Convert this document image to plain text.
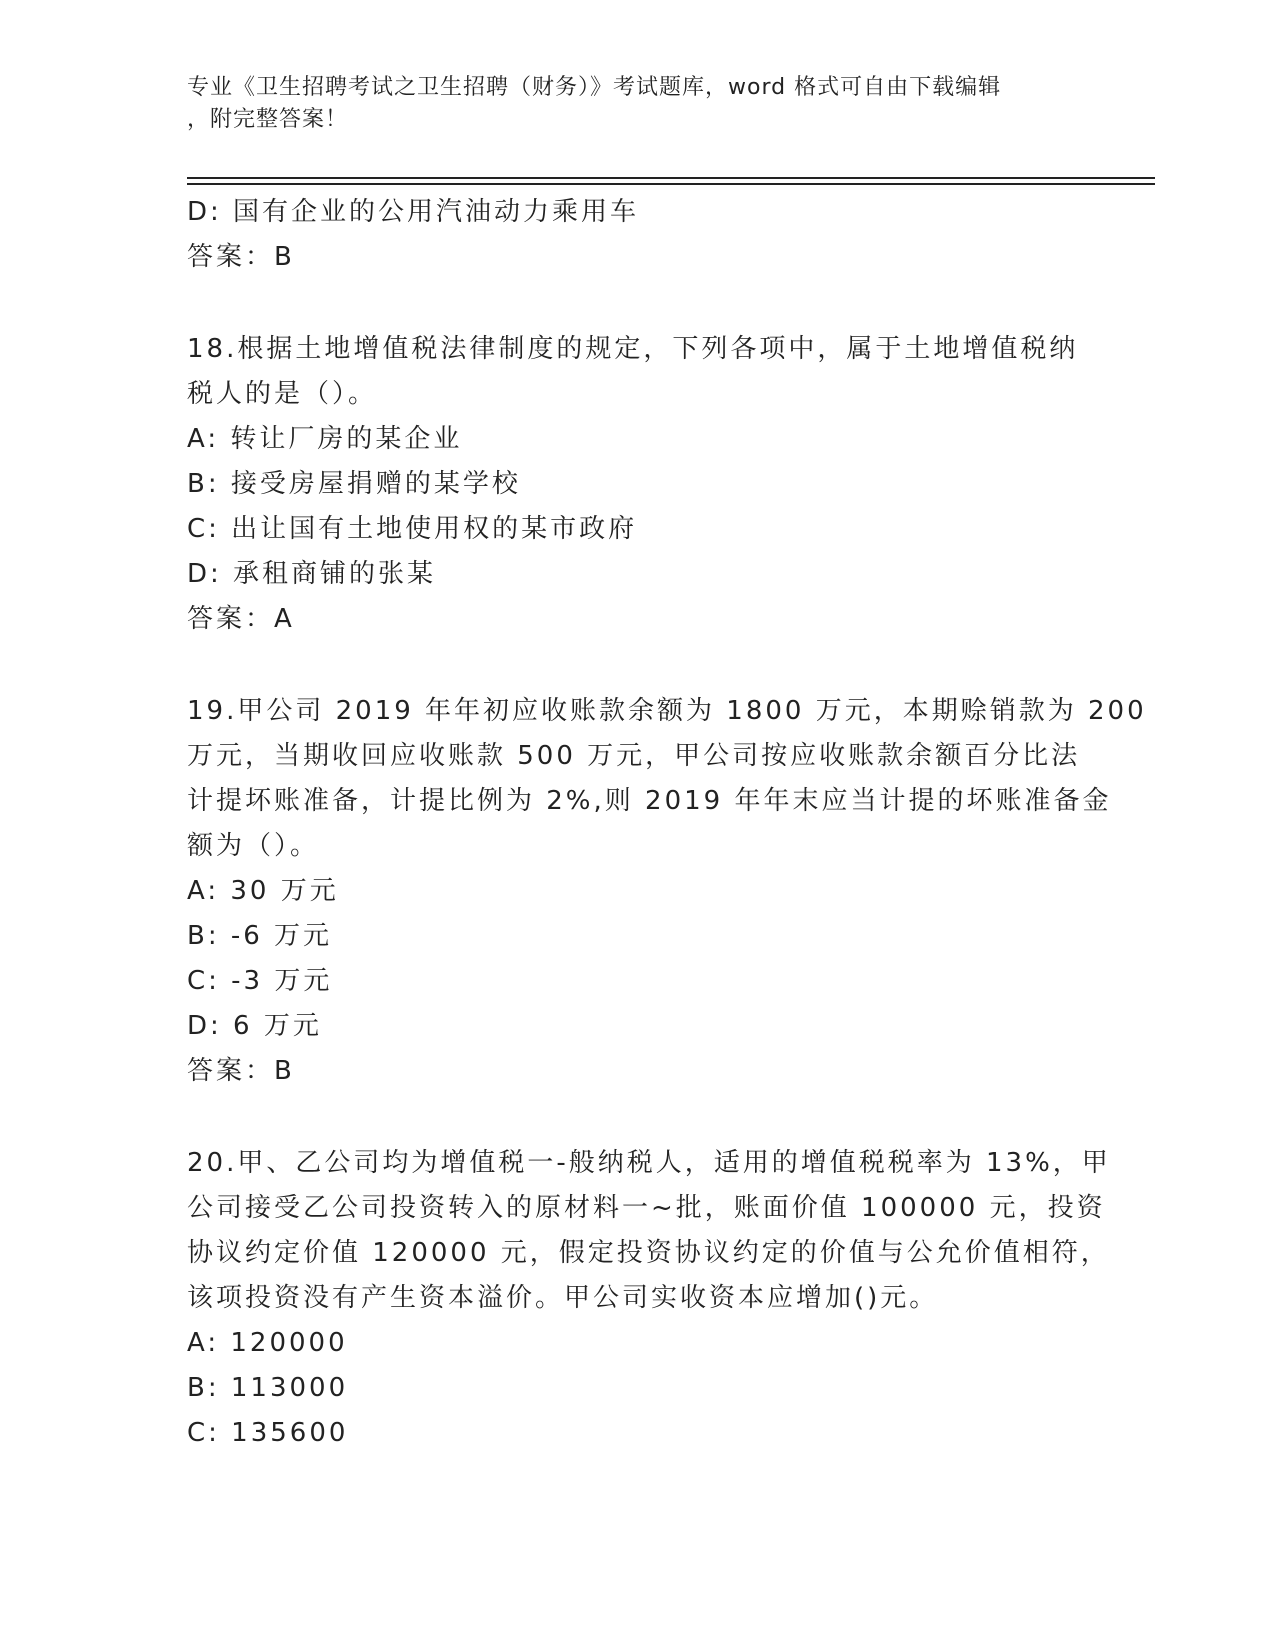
专业《卫生招聘考试之卫生招聘（财务）》考试题库，word 格式可自由下载编辑
，附完整答案！
D: 国有企业的公用汽油动力乘用车
答案：B
18.根据土地增值税法律制度的规定，下列各项中，属于土地增值税纳
税人的是（）。
A: 转让厂房的某企业
B: 接受房屋捐赠的某学校
C: 出让国有土地使用权的某市政府
D: 承租商铺的张某
答案：A
19.甲公司 2019 年年初应收账款余额为 1800 万元，本期赊销款为 200
万元，当期收回应收账款 500 万元，甲公司按应收账款余额百分比法
计提坏账准备，计提比例为 2%,则 2019 年年末应当计提的坏账准备金
额为（）。
A: 30 万元
B: -6 万元
C: -3 万元
D: 6 万元
答案：B
20.甲、乙公司均为增值税一-般纳税人，适用的增值税税率为 13%，甲
公司接受乙公司投资转入的原材料一~批，账面价值 100000 元，投资
协议约定价值 120000 元，假定投资协议约定的价值与公允价值相符，
该项投资没有产生资本溢价。甲公司实收资本应增加()元。
A: 120000
B: 113000
C: 135600
